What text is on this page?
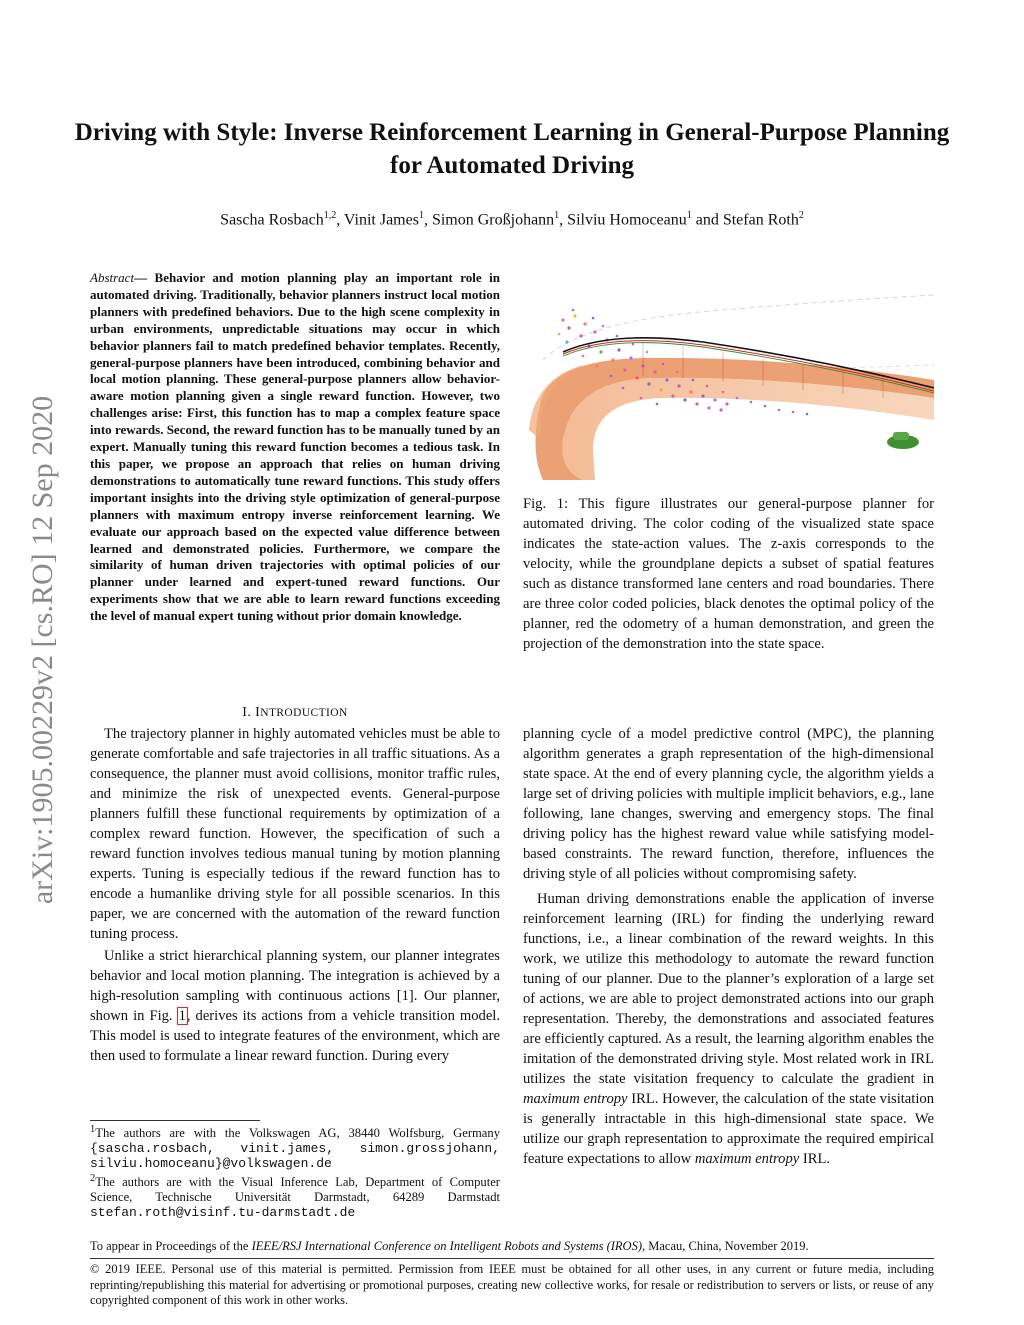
arXiv:1905.00229v2 [cs.RO] 12 Sep 2020
Driving with Style: Inverse Reinforcement Learning in General-Purpose Planning for Automated Driving
Sascha Rosbach$^{1,2}$, Vinit James$^1$, Simon Großjohann$^1$, Silviu Homoceanu$^1$ and Stefan Roth$^2$
Abstract— Behavior and motion planning play an important role in automated driving. Traditionally, behavior planners instruct local motion planners with predefined behaviors. Due to the high scene complexity in urban environments, unpredictable situations may occur in which behavior planners fail to match predefined behavior templates. Recently, general-purpose planners have been introduced, combining behavior and local motion planning. These general-purpose planners allow behavior-aware motion planning given a single reward function. However, two challenges arise: First, this function has to map a complex feature space into rewards. Second, the reward function has to be manually tuned by an expert. Manually tuning this reward function becomes a tedious task. In this paper, we propose an approach that relies on human driving demonstrations to automatically tune reward functions. This study offers important insights into the driving style optimization of general-purpose planners with maximum entropy inverse reinforcement learning. We evaluate our approach based on the expected value difference between learned and demonstrated policies. Furthermore, we compare the similarity of human driven trajectories with optimal policies of our planner under learned and expert-tuned reward functions. Our experiments show that we are able to learn reward functions exceeding the level of manual expert tuning without prior domain knowledge.
I. INTRODUCTION

The trajectory planner in highly automated vehicles must be able to generate comfortable and safe trajectories in all traffic situations. As a consequence, the planner must avoid collisions, monitor traffic rules, and minimize the risk of unexpected events. General-purpose planners fulfill these functional requirements by optimization of a complex reward function. However, the specification of such a reward function involves tedious manual tuning by motion planning experts. Tuning is especially tedious if the reward function has to encode a humanlike driving style for all possible scenarios. In this paper, we are concerned with the automation of the reward function tuning process.

Unlike a strict hierarchical planning system, our planner integrates behavior and local motion planning. The integration is achieved by a high-resolution sampling with continuous actions [1]. Our planner, shown in Fig. 1, derives its actions from a vehicle transition model. This model is used to integrate features of the environment, which are then used to formulate a linear reward function. During every

$^1$The authors are with the Volkswagen AG, 38440 Wolfsburg, Germany {sascha.rosbach, vinit.james, simon.grossjohann, silviu.homoceanu}@volkswagen.de

$^2$The authors are with the Visual Inference Lab, Department of Computer Science, Technische Universität Darmstadt, 64289 Darmstadt stefan.roth@visinf.tu-darmstadt.de

Fig. 1: This figure illustrates our general-purpose planner for automated driving. The color coding of the visualized state space indicates the state-action values. The z-axis corresponds to the velocity, while the groundplane depicts a subset of spatial features such as distance transformed lane centers and road boundaries. There are three color coded policies, black denotes the optimal policy of the planner, red the odometry of a human demonstration, and green the projection of the demonstration into the state space.

planning cycle of a model predictive control (MPC), the planning algorithm generates a graph representation of the high-dimensional state space. At the end of every planning cycle, the algorithm yields a large set of driving policies with multiple implicit behaviors, e.g., lane following, lane changes, swerving and emergency stops. The final driving policy has the highest reward value while satisfying model-based constraints. The reward function, therefore, influences the driving style of all policies without compromising safety.

Human driving demonstrations enable the application of inverse reinforcement learning (IRL) for finding the underlying reward functions, i.e., a linear combination of the reward weights. In this work, we utilize this methodology to automate the reward function tuning of our planner. Due to the planner’s exploration of a large set of actions, we are able to project demonstrated actions into our graph representation. Thereby, the demonstrations and associated features are efficiently captured. As a result, the learning algorithm enables the imitation of the demonstrated driving style. Most related work in IRL utilizes the state visitation frequency to calculate the gradient in maximum entropy IRL. However, the calculation of the state visitation is generally intractable in this high-dimensional state space. We utilize our graph representation to approximate the required empirical feature expectations to allow maximum entropy IRL.

To appear in Proceedings of the IEEE/RSJ International Conference on Intelligent Robots and Systems (IROS), Macau, China, November 2019.
© 2019 IEEE. Personal use of this material is permitted. Permission from IEEE must be obtained for all other uses, in any current or future media, including reprinting/republishing this material for advertising or promotional purposes, creating new collective works, for resale or redistribution to servers or lists, or reuse of any copyrighted component of this work in other works.
